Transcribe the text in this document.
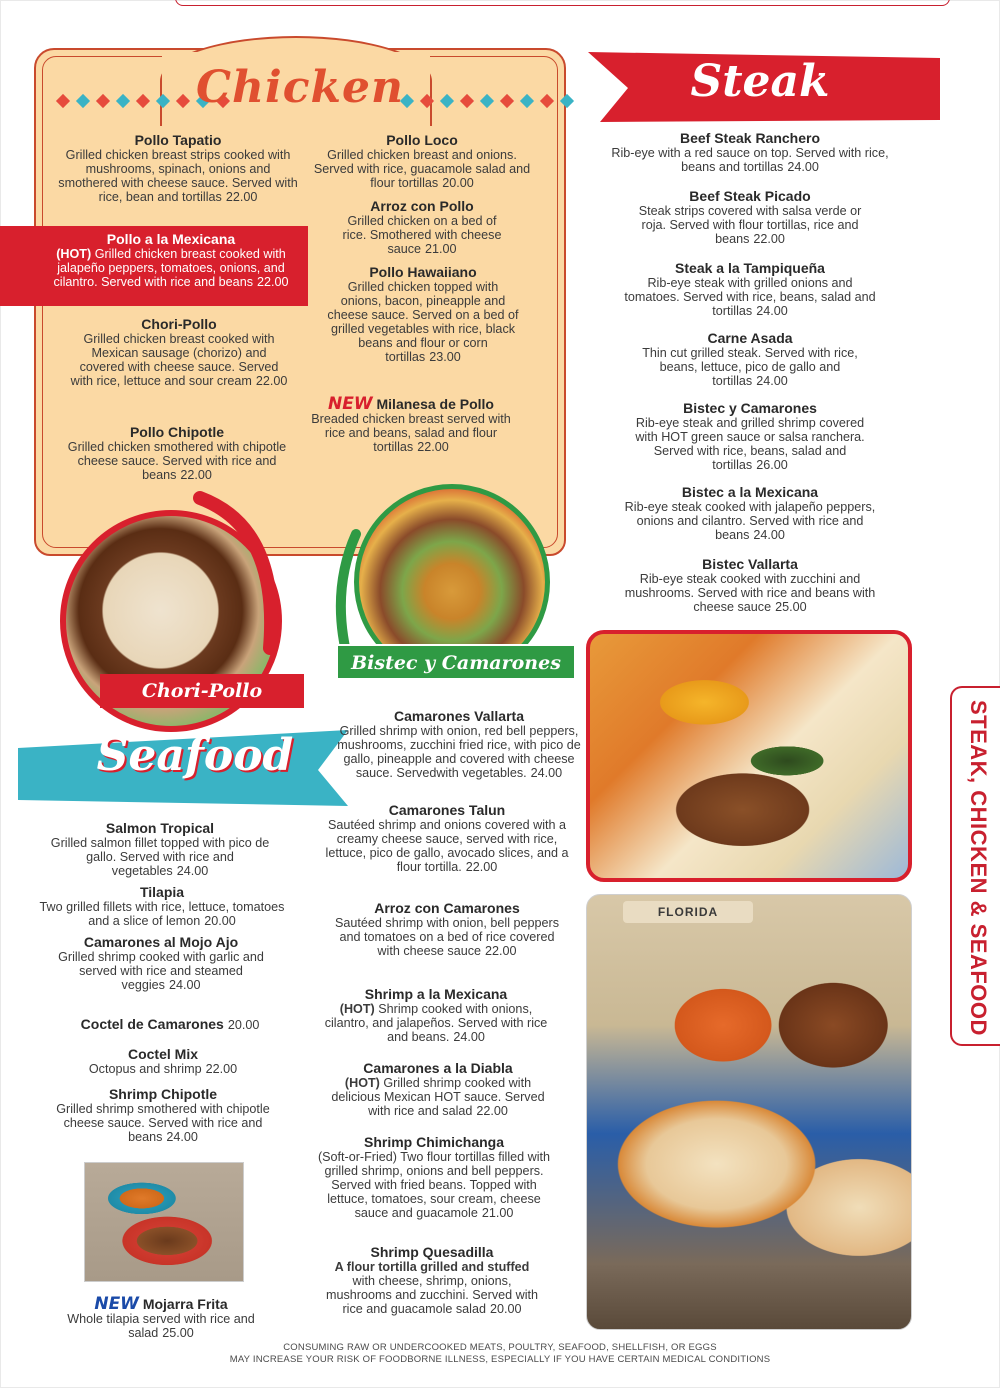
STEAK, CHICKEN & SEAFOOD
Chicken
Pollo Tapatio
Grilled chicken breast strips cooked with mushrooms, spinach, onions and smothered with cheese sauce. Served with rice, bean and tortillas 22.00
Pollo a la Mexicana
(HOT) Grilled chicken breast cooked with jalapeño peppers, tomatoes, onions, and cilantro. Served with rice and beans 22.00
Chori-Pollo
Grilled chicken breast cooked with Mexican sausage (chorizo) and covered with cheese sauce. Served with rice, lettuce and sour cream 22.00
Pollo Chipotle
Grilled chicken smothered with chipotle cheese sauce. Served with rice and beans 22.00
Pollo Loco
Grilled chicken breast and onions. Served with rice, guacamole salad and flour tortillas 20.00
Arroz con Pollo
Grilled chicken on a bed of rice. Smothered with cheese sauce 21.00
Pollo Hawaiiano
Grilled chicken topped with onions, bacon, pineapple and cheese sauce. Served on a bed of grilled vegetables with rice, black beans and flour or corn tortillas 23.00
NEW Milanesa de Pollo
Breaded chicken breast served with rice and beans, salad and flour tortillas 22.00
Chori-Pollo
Bistec y Camarones
Steak
Beef Steak Ranchero
Rib-eye with a red sauce on top. Served with rice, beans and tortillas 24.00
Beef Steak Picado
Steak strips covered with salsa verde or roja. Served with flour tortillas, rice and beans 22.00
Steak a la Tampiqueña
Rib-eye steak with grilled onions and tomatoes. Served with rice, beans, salad and tortillas 24.00
Carne Asada
Thin cut grilled steak. Served with rice, beans, lettuce, pico de gallo and tortillas 24.00
Bistec y Camarones
Rib-eye steak and grilled shrimp covered with HOT green sauce or salsa ranchera. Served with rice, beans, salad and tortillas 26.00
Bistec a la Mexicana
Rib-eye steak cooked with jalapeño peppers, onions and cilantro. Served with rice and beans 24.00
Bistec Vallarta
Rib-eye steak cooked with zucchini and mushrooms. Served with rice and beans with cheese sauce 25.00
FLORIDA
Seafood
Salmon Tropical
Grilled salmon fillet topped with pico de gallo. Served with rice and vegetables 24.00
Tilapia
Two grilled fillets with rice, lettuce, tomatoes and a slice of lemon 20.00
Camarones al Mojo Ajo
Grilled shrimp cooked with garlic and served with rice and steamed veggies 24.00
Coctel de Camarones 20.00
Coctel Mix
Octopus and shrimp 22.00
Shrimp Chipotle
Grilled shrimp smothered with chipotle cheese sauce. Served with rice and beans 24.00
NEW Mojarra Frita
Whole tilapia served with rice and salad 25.00
Camarones Vallarta
Grilled shrimp with onion, red bell peppers, mushrooms, zucchini fried rice, with pico de gallo, pineapple and covered with cheese sauce. Servedwith vegetables. 24.00
Camarones Talun
Sautéed shrimp and onions covered with a creamy cheese sauce, served with rice, lettuce, pico de gallo, avocado slices, and a flour tortilla. 22.00
Arroz con Camarones
Sautéed shrimp with onion, bell peppers and tomatoes on a bed of rice covered with cheese sauce 22.00
Shrimp a la Mexicana
(HOT) Shrimp cooked with onions, cilantro, and jalapeños. Served with rice and beans. 24.00
Camarones a la Diabla
(HOT) Grilled shrimp cooked with delicious Mexican HOT sauce. Served with rice and salad 22.00
Shrimp Chimichanga
(Soft-or-Fried) Two flour tortillas filled with grilled shrimp, onions and bell peppers. Served with fried beans. Topped with lettuce, tomatoes, sour cream, cheese sauce and guacamole 21.00
Shrimp Quesadilla
A flour tortilla grilled and stuffed with cheese, shrimp, onions, mushrooms and zucchini. Served with rice and guacamole salad 20.00
CONSUMING RAW OR UNDERCOOKED MEATS, POULTRY, SEAFOOD, SHELLFISH, OR EGGS
MAY INCREASE YOUR RISK OF FOODBORNE ILLNESS, ESPECIALLY IF YOU HAVE CERTAIN MEDICAL CONDITIONS
